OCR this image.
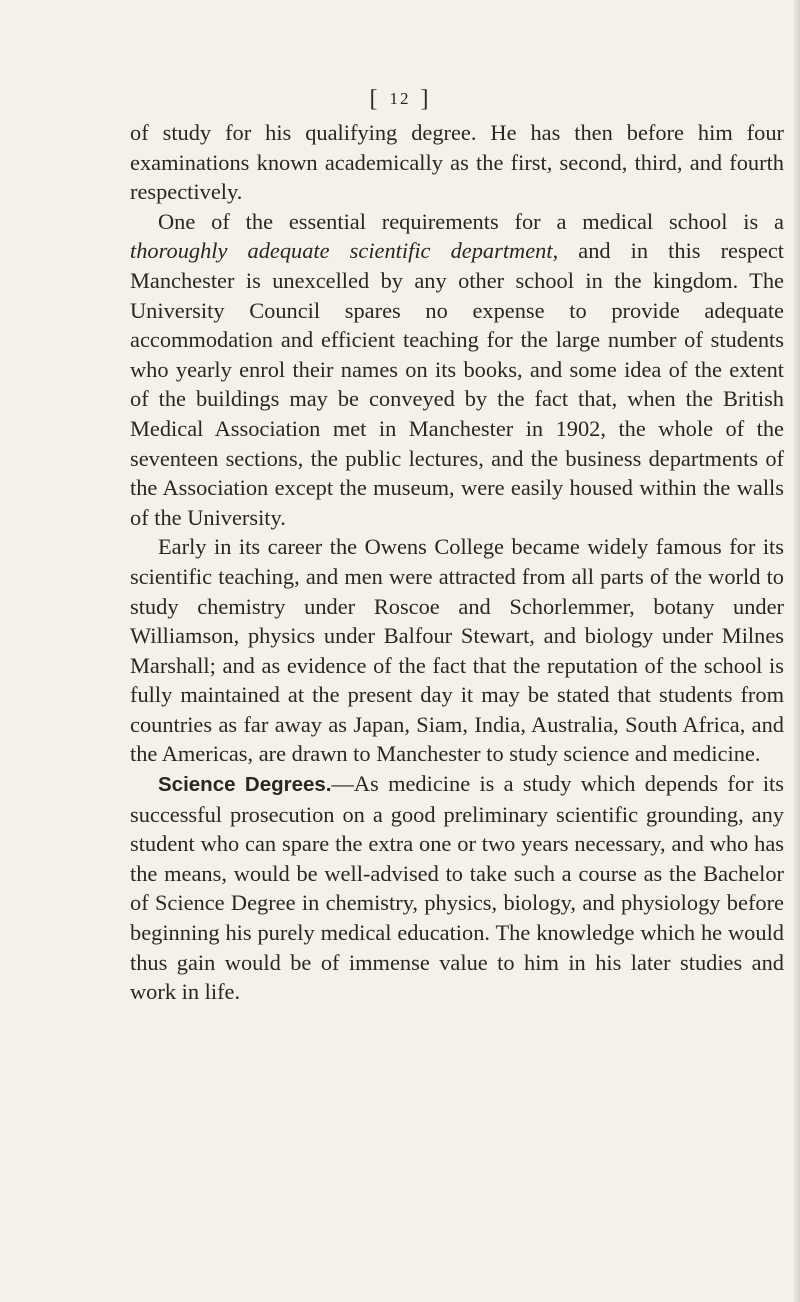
[ 12 ]

of study for his qualifying degree. He has then before him four examinations known academically as the first, second, third, and fourth respectively.

One of the essential requirements for a medical school is a thoroughly adequate scientific department, and in this respect Manchester is unexcelled by any other school in the kingdom. The University Council spares no expense to provide adequate accommodation and efficient teaching for the large number of students who yearly enrol their names on its books, and some idea of the extent of the buildings may be conveyed by the fact that, when the British Medical Association met in Manchester in 1902, the whole of the seventeen sections, the public lectures, and the business departments of the Association except the museum, were easily housed within the walls of the University.

Early in its career the Owens College became widely famous for its scientific teaching, and men were attracted from all parts of the world to study chemistry under Roscoe and Schorlemmer, botany under Williamson, physics under Balfour Stewart, and biology under Milnes Marshall; and as evidence of the fact that the reputation of the school is fully maintained at the present day it may be stated that students from countries as far away as Japan, Siam, India, Australia, South Africa, and the Americas, are drawn to Manchester to study science and medicine.

Science Degrees.—As medicine is a study which depends for its successful prosecution on a good preliminary scientific grounding, any student who can spare the extra one or two years necessary, and who has the means, would be well-advised to take such a course as the Bachelor of Science Degree in chemistry, physics, biology, and physiology before beginning his purely medical education. The knowledge which he would thus gain would be of immense value to him in his later studies and work in life.
